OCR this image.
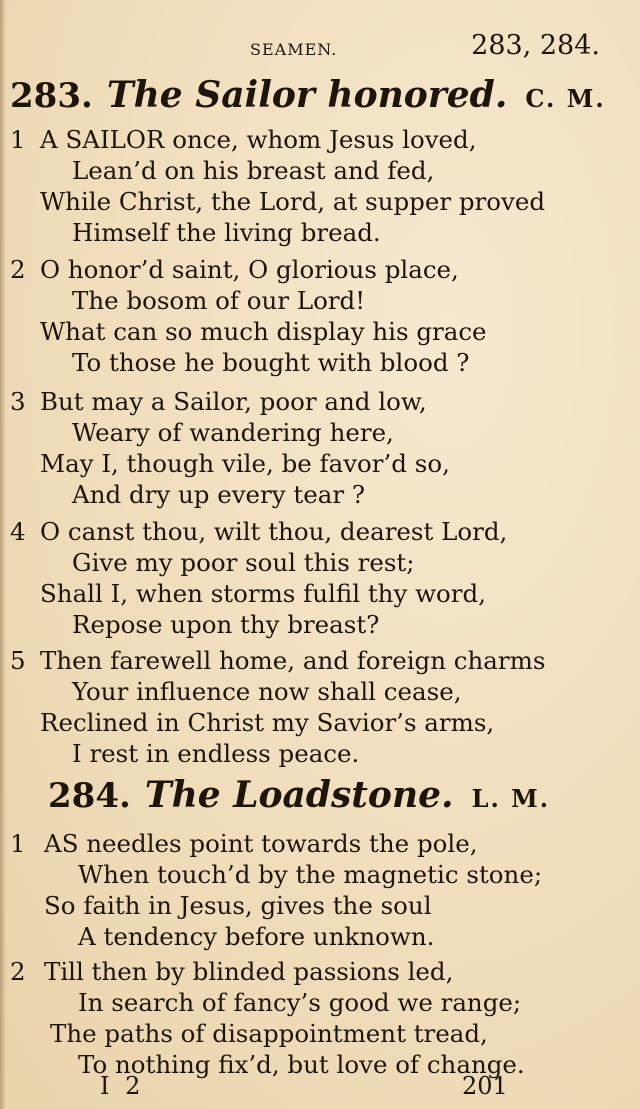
SEAMEN.	283, 284.
283. The Sailor honored. C. M.
1 A SAILOR once, whom Jesus loved,
Lean’d on his breast and fed,
While Christ, the Lord, at supper proved
Himself the living bread.
2 O honor’d saint, O glorious place,
The bosom of our Lord!
What can so much display his grace
To those he bought with blood ?
3 But may a Sailor, poor and low,
Weary of wandering here,
May I, though vile, be favor’d so,
And dry up every tear ?
4 O canst thou, wilt thou, dearest Lord,
Give my poor soul this rest;
Shall I, when storms fulfil thy word,
Repose upon thy breast?
5 Then farewell home, and foreign charms
Your influence now shall cease,
Reclined in Christ my Savior’s arms,
I rest in endless peace.
284. The Loadstone. L. M.
1 AS needles point towards the pole,
When touch’d by the magnetic stone;
So faith in Jesus, gives the soul
A tendency before unknown.
2 Till then by blinded passions led,
In search of fancy’s good we range;
The paths of disappointment tread,
To nothing fix’d, but love of change.
I 2	201
